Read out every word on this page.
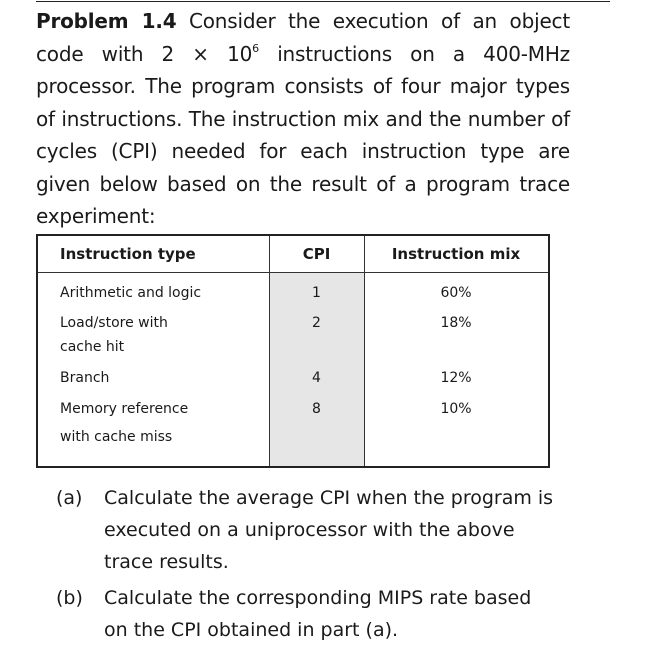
Problem 1.4 Consider the execution of an object code with $2 \times 10^6$ instructions on a 400-MHz processor. The program consists of four major types of instructions. The instruction mix and the number of cycles (CPI) needed for each instruction type are given below based on the result of a program trace experiment:
Instruction type	CPI	Instruction mix
Arithmetic and logic	1	60%
Load/store with
cache hit
2	18%
Branch	4	12%
Memory reference
with cache miss
8	10%
(a) Calculate the average CPI when the program is executed on a uniprocessor with the above trace results.
(b) Calculate the corresponding MIPS rate based on the CPI obtained in part (a).
